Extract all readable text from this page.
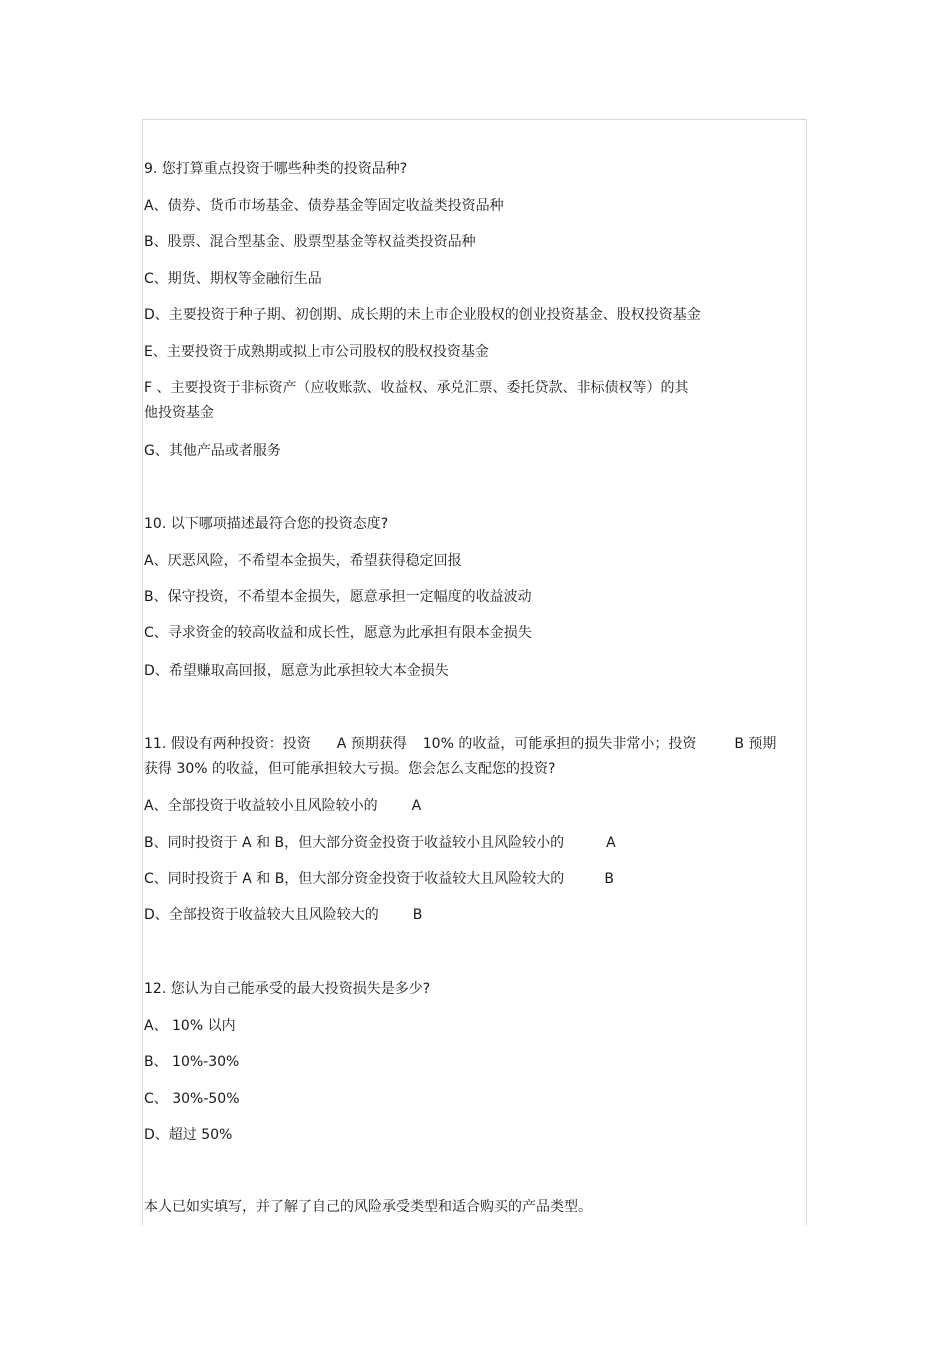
9. 您打算重点投资于哪些种类的投资品种?

A、债券、货币市场基金、债券基金等固定收益类投资品种

B、股票、混合型基金、股票型基金等权益类投资品种

C、期货、期权等金融衍生品

D、主要投资于种子期、初创期、成长期的未上市企业股权的创业投资基金、股权投资基金

E、主要投资于成熟期或拟上市公司股权的股权投资基金

F 、主要投资于非标资产（应收账款、收益权、承兑汇票、委托贷款、非标债权等）的其

他投资基金

G、其他产品或者服务

10. 以下哪项描述最符合您的投资态度?

A、厌恶风险，不希望本金损失，希望获得稳定回报

B、保守投资，不希望本金损失，愿意承担一定幅度的收益波动

C、寻求资金的较高收益和成长性，愿意为此承担有限本金损失

D、希望赚取高回报，愿意为此承担较大本金损失

11. 假设有两种投资：投资 A 预期获得 10% 的收益，可能承担的损失非常小；投资	B 预期

获得 30% 的收益，但可能承担较大亏损。您会怎么支配您的投资?

A、全部投资于收益较小且风险较小的 A

B、同时投资于 A 和 B，但大部分资金投资于收益较小且风险较小的	A

C、同时投资于 A 和 B，但大部分资金投资于收益较大且风险较大的	B

D、全部投资于收益较大且风险较大的 B

12. 您认为自己能承受的最大投资损失是多少?

A、 10% 以内

B、 10%-30%

C、 30%-50%

D、超过 50%

本人已如实填写，并了解了自己的风险承受类型和适合购买的产品类型。
